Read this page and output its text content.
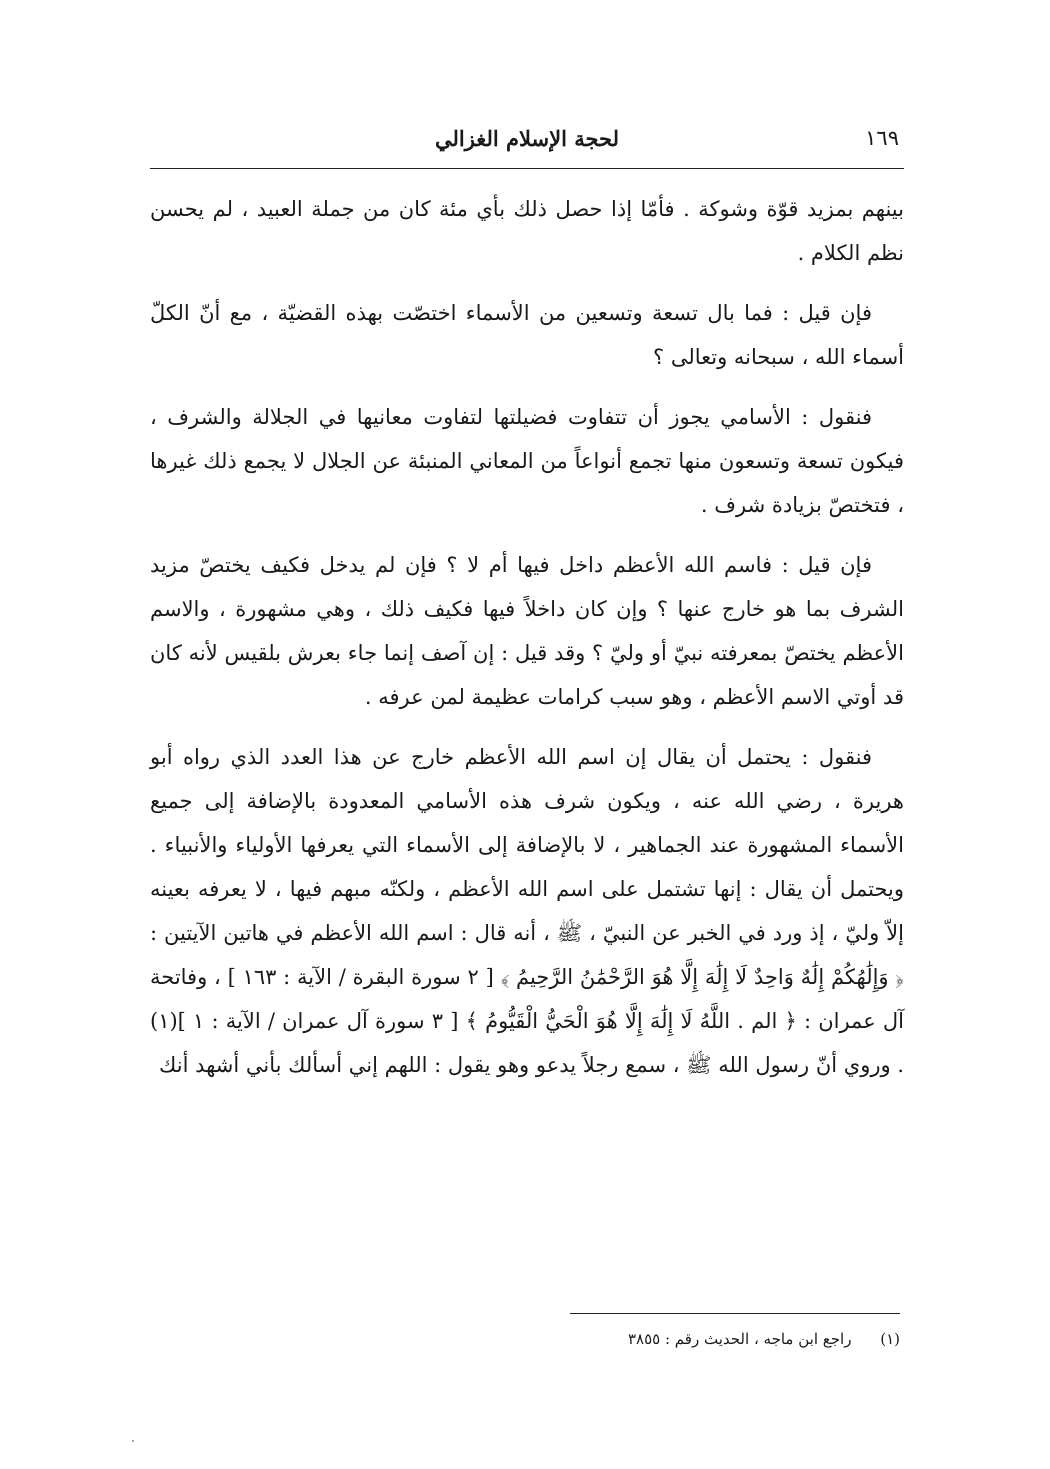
لحجة الإسلام الغزالي	١٦٩

بينهم بمزيد قوّة وشوكة . فأمّا إذا حصل ذلك بأي مئة كان من جملة العبيد ، لم يحسن نظم الكلام .

فإن قيل : فما بال تسعة وتسعين من الأسماء اختصّت بهذه القضيّة ، مع أنّ الكلّ أسماء الله ، سبحانه وتعالى ؟

فنقول : الأسامي يجوز أن تتفاوت فضيلتها لتفاوت معانيها في الجلالة والشرف ، فيكون تسعة وتسعون منها تجمع أنواعاً من المعاني المنبئة عن الجلال لا يجمع ذلك غيرها ، فتختصّ بزيادة شرف .

فإن قيل : فاسم الله الأعظم داخل فيها أم لا ؟ فإن لم يدخل فكيف يختصّ مزيد الشرف بما هو خارج عنها ؟ وإن كان داخلاً فيها فكيف ذلك ، وهي مشهورة ، والاسم الأعظم يختصّ بمعرفته نبيّ أو وليّ ؟ وقد قيل : إن آصف إنما جاء بعرش بلقيس لأنه كان قد أوتي الاسم الأعظم ، وهو سبب كرامات عظيمة لمن عرفه .

فنقول : يحتمل أن يقال إن اسم الله الأعظم خارج عن هذا العدد الذي رواه أبو هريرة ، رضي الله عنه ، ويكون شرف هذه الأسامي المعدودة بالإضافة إلى جميع الأسماء المشهورة عند الجماهير ، لا بالإضافة إلى الأسماء التي يعرفها الأولياء والأنبياء . ويحتمل أن يقال : إنها تشتمل على اسم الله الأعظم ، ولكنّه مبهم فيها ، لا يعرفه بعينه إلاّ وليّ ، إذ ورد في الخبر عن النبيّ ، ﷺ ، أنه قال : اسم الله الأعظم في هاتين الآيتين : ﴿ وَإِلَٰهُكُمْ إِلَٰهٌ وَاحِدٌ لَا إِلَٰهَ إِلَّا هُوَ الرَّحْمَٰنُ الرَّحِيمُ ﴾ [ ٢ سورة البقرة / الآية : ١٦٣ ] ، وفاتحة آل عمران : ﴿ الم . اللَّهُ لَا إِلَٰهَ إِلَّا هُوَ الْحَيُّ الْقَيُّومُ ﴾ [ ٣ سورة آل عمران / الآية : ١ ](١) . وروي أنّ رسول الله ﷺ ، سمع رجلاً يدعو وهو يقول : اللهم إني أسألك بأني أشهد أنك

(١) راجع ابن ماجه ، الحديث رقم : ٣٨٥٥
